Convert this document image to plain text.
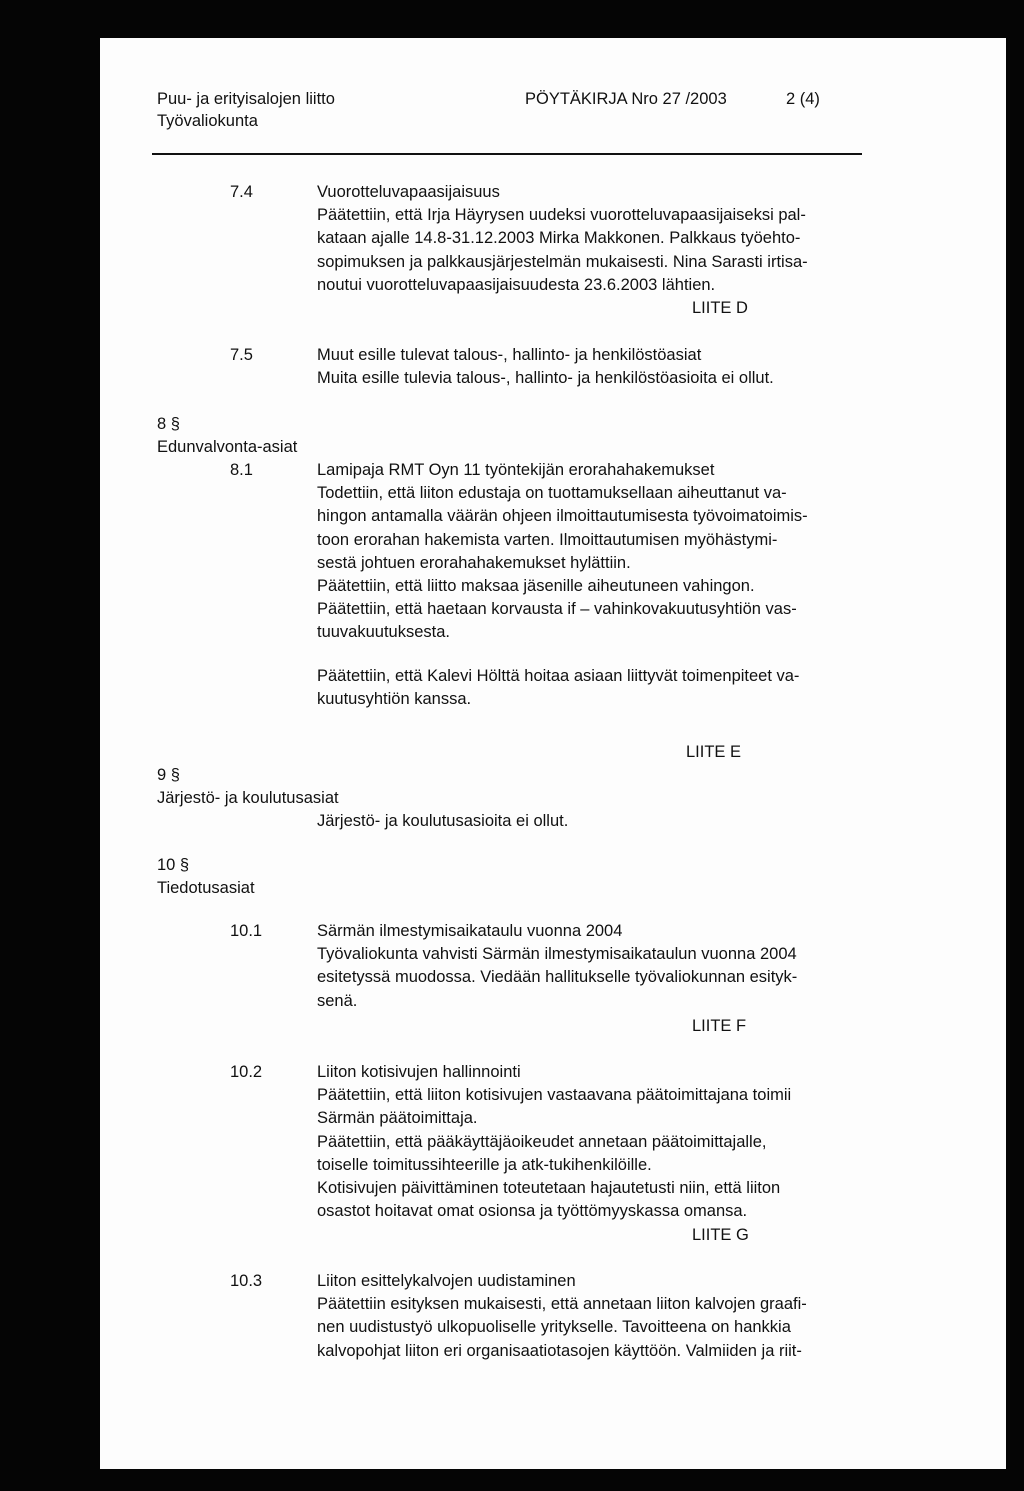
Puu- ja erityisalojen liitto	PÖYTÄKIRJA Nro 27 /2003	2 (4)
Työvaliokunta
7.4	Vuorotteluvapaasijaisuus
Päätettiin, että Irja Häyrysen uudeksi vuorotteluvapaasijaiseksi pal-
kataan ajalle 14.8-31.12.2003 Mirka Makkonen. Palkkaus työehto-
sopimuksen ja palkkausjärjestelmän mukaisesti. Nina Sarasti irtisa-
noutui vuorotteluvapaasijaisuudesta 23.6.2003 lähtien.
LIITE D
7.5	Muut esille tulevat talous-, hallinto- ja henkilöstöasiat
Muita esille tulevia talous-, hallinto- ja henkilöstöasioita ei ollut.
8 §
Edunvalvonta-asiat
8.1	Lamipaja RMT Oyn 11 työntekijän erorahahakemukset
Todettiin, että liiton edustaja on tuottamuksellaan aiheuttanut va-
hingon antamalla väärän ohjeen ilmoittautumisesta työvoimatoimis-
toon erorahan hakemista varten. Ilmoittautumisen myöhästymi-
sestä johtuen erorahahakemukset hylättiin.
Päätettiin, että liitto maksaa jäsenille aiheutuneen vahingon.
Päätettiin, että haetaan korvausta if – vahinkovakuutusyhtiön vas-
tuuvakuutuksesta.
Päätettiin, että Kalevi Hölttä hoitaa asiaan liittyvät toimenpiteet va-
kuutusyhtiön kanssa.
LIITE E
9 §
Järjestö- ja koulutusasiat
Järjestö- ja koulutusasioita ei ollut.
10 §
Tiedotusasiat
10.1	Särmän ilmestymisaikataulu vuonna 2004
Työvaliokunta vahvisti Särmän ilmestymisaikataulun vuonna 2004
esitetyssä muodossa. Viedään hallitukselle työvaliokunnan esityk-
senä.
LIITE F
10.2	Liiton kotisivujen hallinnointi
Päätettiin, että liiton kotisivujen vastaavana päätoimittajana toimii
Särmän päätoimittaja.
Päätettiin, että pääkäyttäjäoikeudet annetaan päätoimittajalle,
toiselle toimitussihteerille ja atk-tukihenkilöille.
Kotisivujen päivittäminen toteutetaan hajautetusti niin, että liiton
osastot hoitavat omat osionsa ja työttömyyskassa omansa.
LIITE G
10.3	Liiton esittelykalvojen uudistaminen
Päätettiin esityksen mukaisesti, että annetaan liiton kalvojen graafi-
nen uudistustyö ulkopuoliselle yritykselle. Tavoitteena on hankkia
kalvopohjat liiton eri organisaatiotasojen käyttöön. Valmiiden ja riit-
